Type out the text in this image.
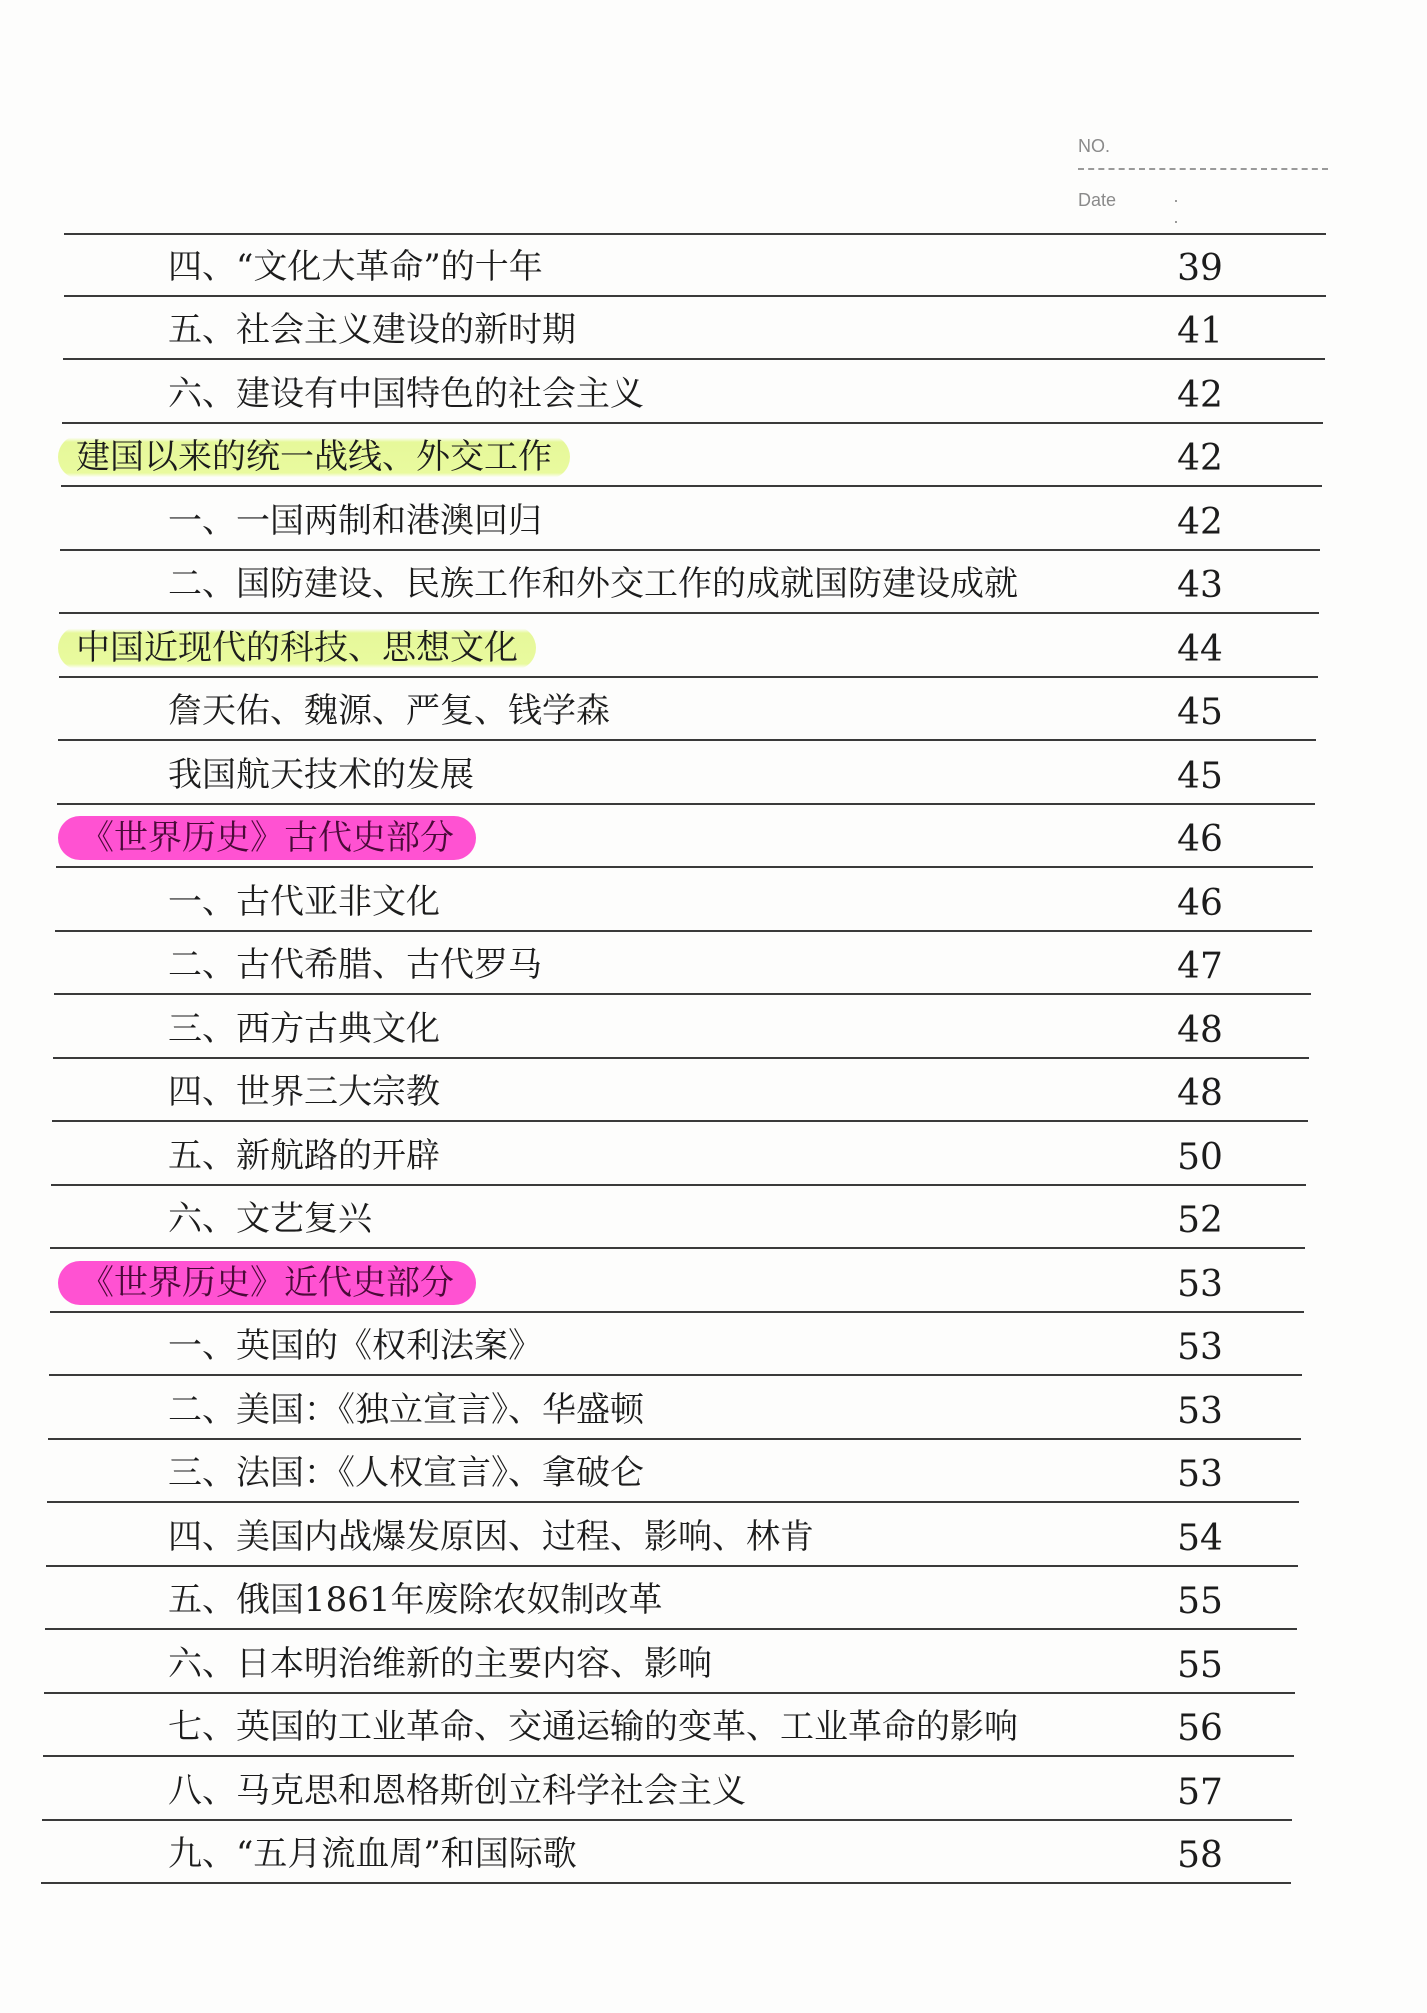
NO.
Date	· ·
四、“文化大革命”的十年	39
五、社会主义建设的新时期	41
六、建设有中国特色的社会主义	42
建国以来的统一战线、外交工作	42
一、一国两制和港澳回归	42
二、国防建设、民族工作和外交工作的成就国防建设成就	43
中国近现代的科技、思想文化	44
詹天佑、魏源、严复、钱学森	45
我国航天技术的发展	45
《世界历史》古代史部分	46
一、古代亚非文化	46
二、古代希腊、古代罗马	47
三、西方古典文化	48
四、世界三大宗教	48
五、新航路的开辟	50
六、文艺复兴	52
《世界历史》近代史部分	53
一、英国的《权利法案》	53
二、美国：《独立宣言》、华盛顿	53
三、法国：《人权宣言》、拿破仑	53
四、美国内战爆发原因、过程、影响、林肯	54
五、俄国1861年废除农奴制改革	55
六、日本明治维新的主要内容、影响	55
七、英国的工业革命、交通运输的变革、工业革命的影响	56
八、马克思和恩格斯创立科学社会主义	57
九、“五月流血周”和国际歌	58
